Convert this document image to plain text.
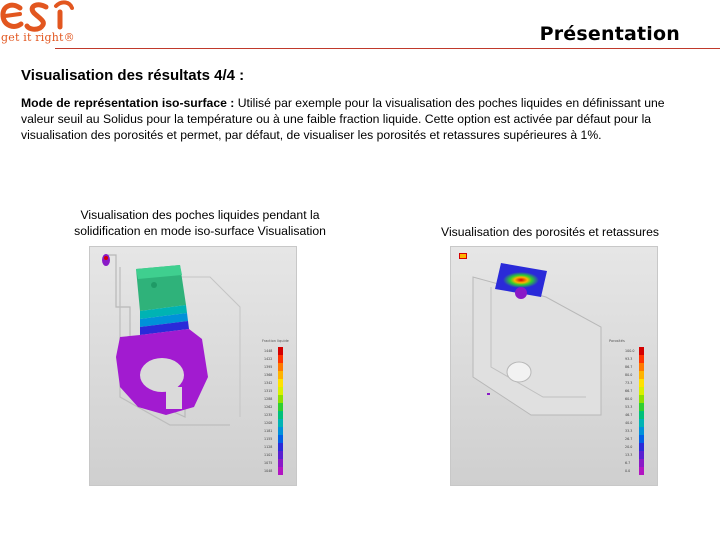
get it right®	Présentation
Visualisation des résultats 4/4 :
Mode de représentation iso-surface : Utilisé par exemple pour la visualisation des poches liquides en définissant une valeur seuil au Solidus pour la température ou à une faible fraction liquide. Cette option est activée par défaut pour la visualisation des porosités et permet, par défaut, de visualiser les porosités et retassures supérieures à 1%.
Visualisation des poches liquides pendant la solidification en mode iso-surface Visualisation
Fraction liquide
1448
1422
1395
1368
1342
1315
1288
1262
1235
1208
1181
1155
1128
1101
1075
1048
Visualisation des porosités et retassures
Porosités
100.0
93.3
86.7
80.0
73.3
66.7
60.0
53.3
46.7
40.0
33.3
26.7
20.0
13.3
6.7
0.0
